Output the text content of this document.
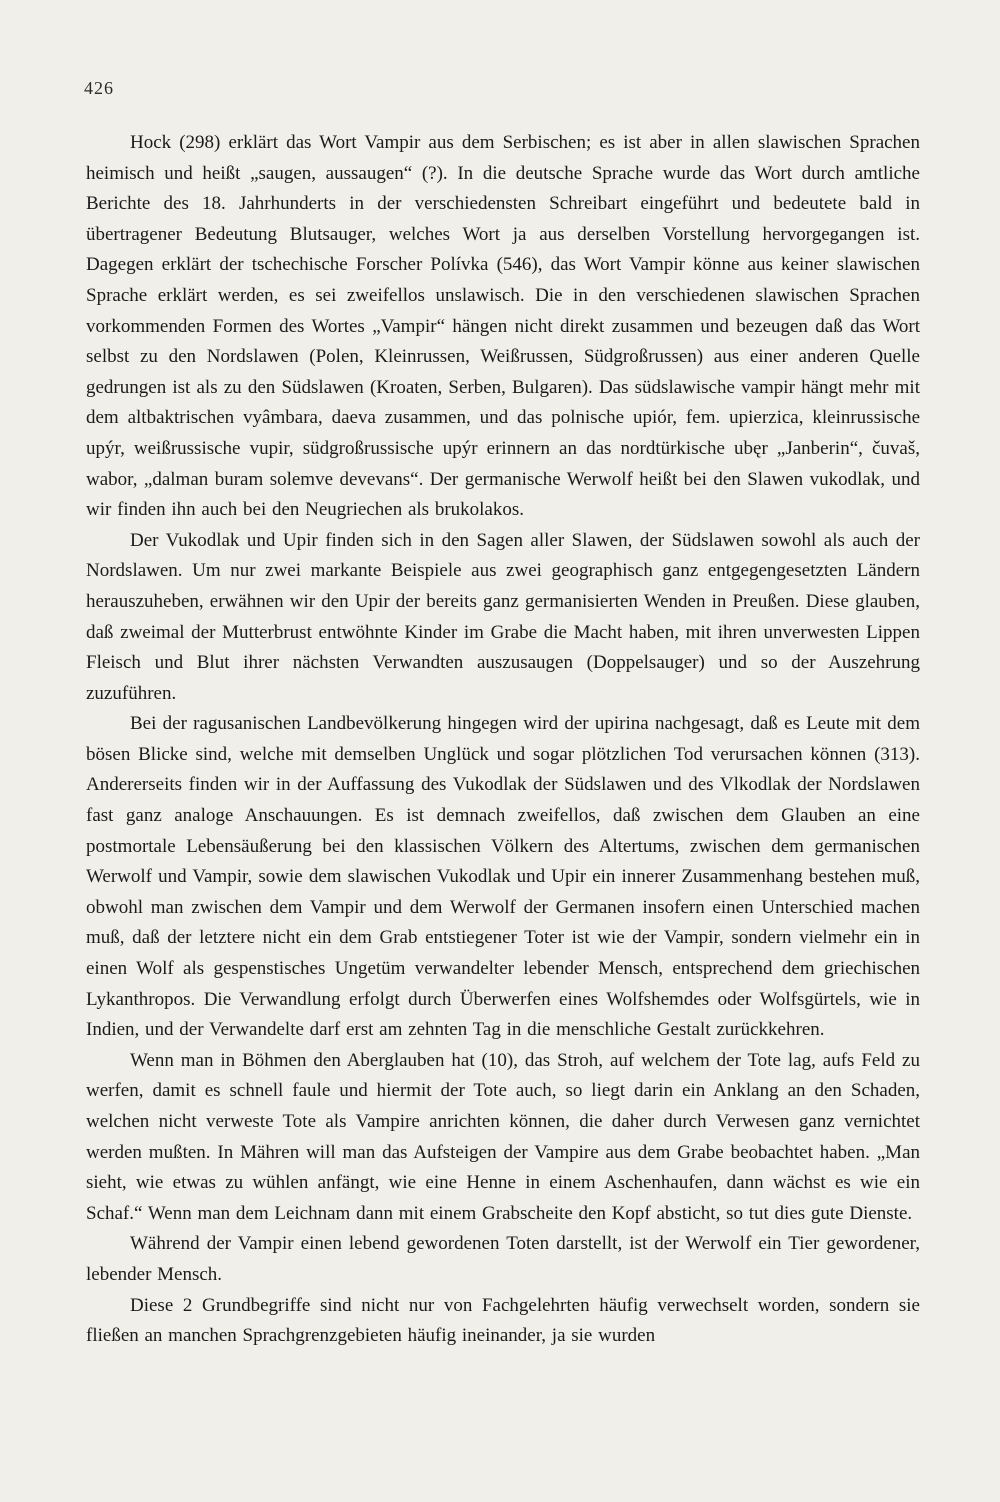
426

Hock (298) erklärt das Wort Vampir aus dem Serbischen; es ist aber in allen slawischen Sprachen heimisch und heißt „saugen, aussaugen“ (?). In die deutsche Sprache wurde das Wort durch amtliche Berichte des 18. Jahrhunderts in der verschiedensten Schreibart eingeführt und bedeutete bald in übertragener Bedeutung Blutsauger, welches Wort ja aus derselben Vorstellung hervorgegangen ist. Dagegen erklärt der tschechische Forscher Polívka (546), das Wort Vampir könne aus keiner slawischen Sprache erklärt werden, es sei zweifellos unslawisch. Die in den verschiedenen slawischen Sprachen vorkommenden Formen des Wortes „Vampir“ hängen nicht direkt zusammen und bezeugen daß das Wort selbst zu den Nordslawen (Polen, Kleinrussen, Weißrussen, Südgroßrussen) aus einer anderen Quelle gedrungen ist als zu den Südslawen (Kroaten, Serben, Bulgaren). Das südslawische vampir hängt mehr mit dem altbaktrischen vyâmbara, daeva zusammen, und das polnische upiór, fem. upierzica, kleinrussische upýr, weißrussische vupir, südgroßrussische upýr erinnern an das nordtürkische ubęr „Janberin“, čuvaš, wabor, „dalman buram solemve devevans“. Der germanische Werwolf heißt bei den Slawen vukodlak, und wir finden ihn auch bei den Neugriechen als brukolakos.

Der Vukodlak und Upir finden sich in den Sagen aller Slawen, der Südslawen sowohl als auch der Nordslawen. Um nur zwei markante Beispiele aus zwei geographisch ganz entgegengesetzten Ländern herauszuheben, erwähnen wir den Upir der bereits ganz germanisierten Wenden in Preußen. Diese glauben, daß zweimal der Mutterbrust entwöhnte Kinder im Grabe die Macht haben, mit ihren unverwesten Lippen Fleisch und Blut ihrer nächsten Verwandten auszusaugen (Doppelsauger) und so der Auszehrung zuzuführen.

Bei der ragusanischen Landbevölkerung hingegen wird der upirina nachgesagt, daß es Leute mit dem bösen Blicke sind, welche mit demselben Unglück und sogar plötzlichen Tod verursachen können (313). Andererseits finden wir in der Auffassung des Vukodlak der Südslawen und des Vlkodlak der Nordslawen fast ganz analoge Anschauungen. Es ist demnach zweifellos, daß zwischen dem Glauben an eine postmortale Lebensäußerung bei den klassischen Völkern des Altertums, zwischen dem germanischen Werwolf und Vampir, sowie dem slawischen Vukodlak und Upir ein innerer Zusammenhang bestehen muß, obwohl man zwischen dem Vampir und dem Werwolf der Germanen insofern einen Unterschied machen muß, daß der letztere nicht ein dem Grab entstiegener Toter ist wie der Vampir, sondern vielmehr ein in einen Wolf als gespenstisches Ungetüm verwandelter lebender Mensch, entsprechend dem griechischen Lykanthropos. Die Verwandlung erfolgt durch Überwerfen eines Wolfshemdes oder Wolfsgürtels, wie in Indien, und der Verwandelte darf erst am zehnten Tag in die menschliche Gestalt zurückkehren.

Wenn man in Böhmen den Aberglauben hat (10), das Stroh, auf welchem der Tote lag, aufs Feld zu werfen, damit es schnell faule und hiermit der Tote auch, so liegt darin ein Anklang an den Schaden, welchen nicht verweste Tote als Vampire anrichten können, die daher durch Verwesen ganz vernichtet werden mußten. In Mähren will man das Aufsteigen der Vampire aus dem Grabe beobachtet haben. „Man sieht, wie etwas zu wühlen anfängt, wie eine Henne in einem Aschenhaufen, dann wächst es wie ein Schaf.“ Wenn man dem Leichnam dann mit einem Grabscheite den Kopf absticht, so tut dies gute Dienste.

Während der Vampir einen lebend gewordenen Toten darstellt, ist der Werwolf ein Tier gewordener, lebender Mensch.

Diese 2 Grundbegriffe sind nicht nur von Fachgelehrten häufig verwechselt worden, sondern sie fließen an manchen Sprachgrenzgebieten häufig ineinander, ja sie wurden
